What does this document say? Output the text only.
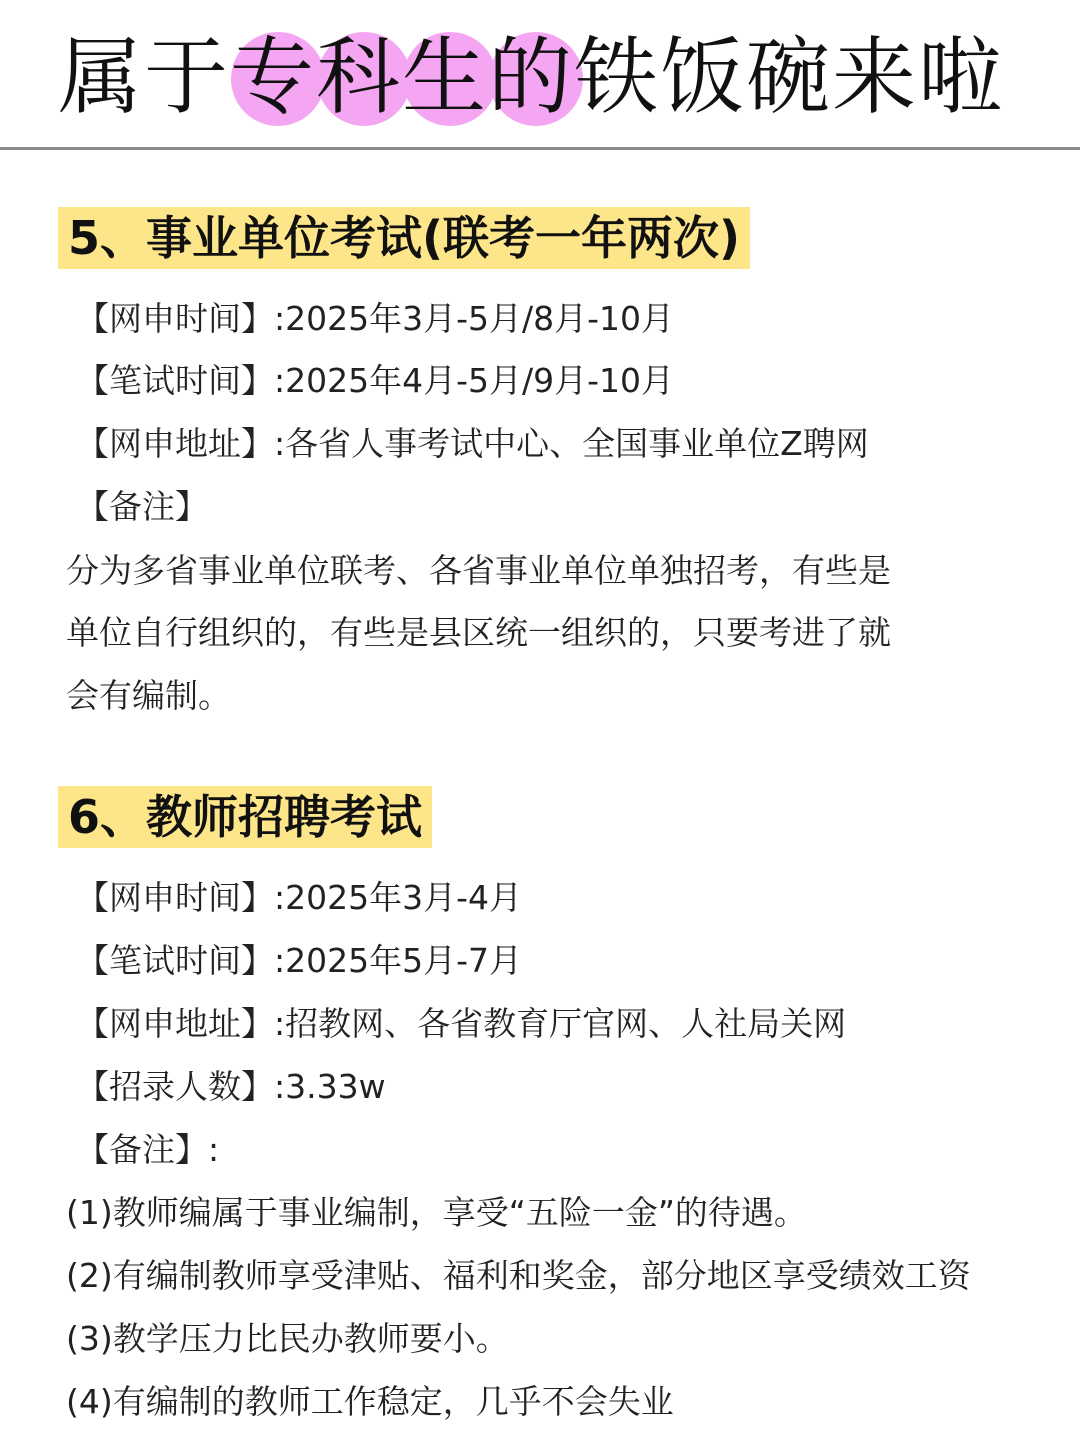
属于专科生的铁饭碗来啦
5、事业单位考试(联考一年两次)
【网申时间】:2025年3月-5月/8月-10月
【笔试时间】:2025年4月-5月/9月-10月
【网申地址】:各省人事考试中心、全国事业单位Z聘网
【备注】
分为多省事业单位联考、各省事业单位单独招考，有些是
单位自行组织的，有些是县区统一组织的，只要考进了就
会有编制。
6、教师招聘考试
【网申时间】:2025年3月-4月
【笔试时间】:2025年5月-7月
【网申地址】:招教网、各省教育厅官网、人社局关网
【招录人数】:3.33w
【备注】:
(1)教师编属于事业编制，享受“五险一金”的待遇。
(2)有编制教师享受津贴、福利和奖金，部分地区享受绩效工资
(3)教学压力比民办教师要小。
(4)有编制的教师工作稳定，几乎不会失业
